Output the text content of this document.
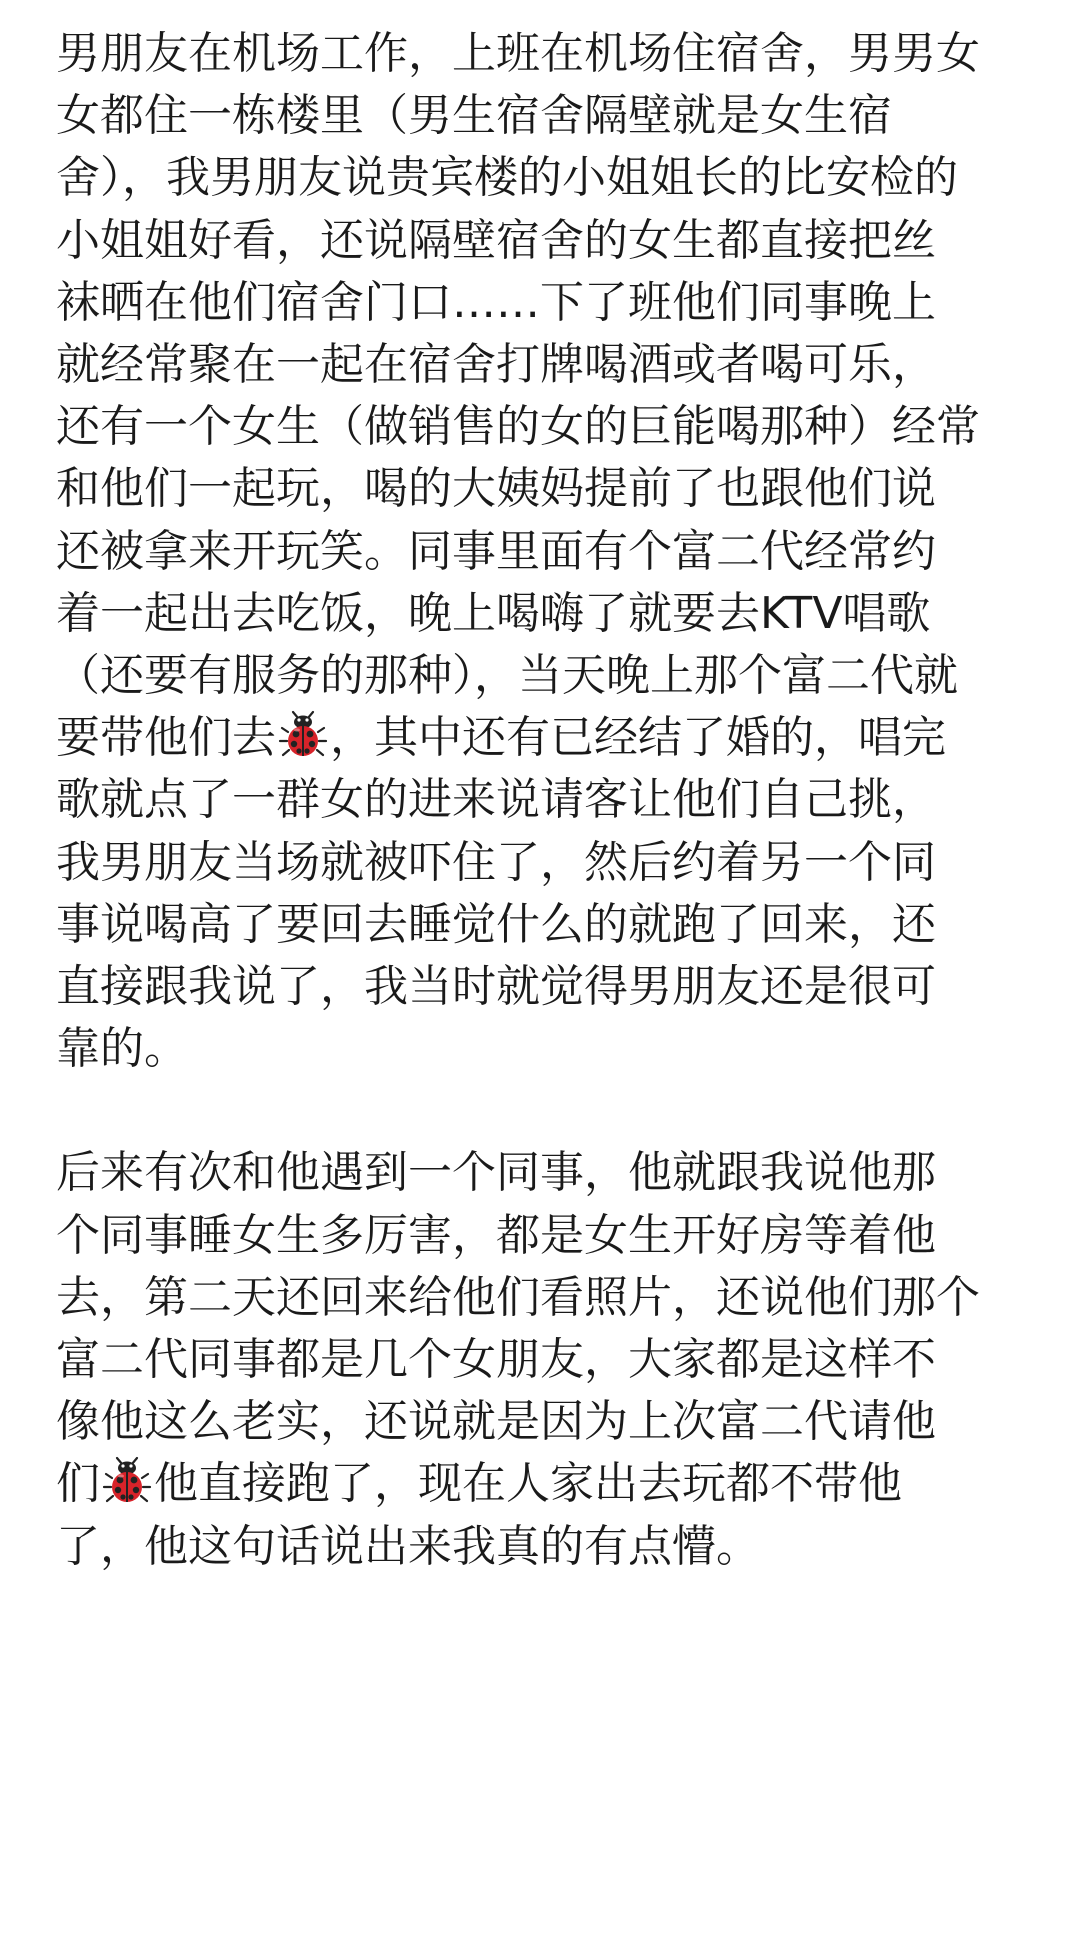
男朋友在机场工作，上班在机场住宿舍，男男女
女都住一栋楼里（男生宿舍隔壁就是女生宿
舍），我男朋友说贵宾楼的小姐姐长的比安检的
小姐姐好看，还说隔壁宿舍的女生都直接把丝
袜晒在他们宿舍门口……下了班他们同事晚上
就经常聚在一起在宿舍打牌喝酒或者喝可乐，
还有一个女生（做销售的女的巨能喝那种）经常
和他们一起玩，喝的大姨妈提前了也跟他们说
还被拿来开玩笑。同事里面有个富二代经常约
着一起出去吃饭，晚上喝嗨了就要去KTV唱歌
（还要有服务的那种），当天晚上那个富二代就
要带他们去 ，其中还有已经结了婚的，唱完
歌就点了一群女的进来说请客让他们自己挑，
我男朋友当场就被吓住了，然后约着另一个同
事说喝高了要回去睡觉什么的就跑了回来，还
直接跟我说了，我当时就觉得男朋友还是很可
靠的。
后来有次和他遇到一个同事，他就跟我说他那
个同事睡女生多厉害，都是女生开好房等着他
去，第二天还回来给他们看照片，还说他们那个
富二代同事都是几个女朋友，大家都是这样不
像他这么老实，还说就是因为上次富二代请他
们 他直接跑了，现在人家出去玩都不带他
了，他这句话说出来我真的有点懵。
